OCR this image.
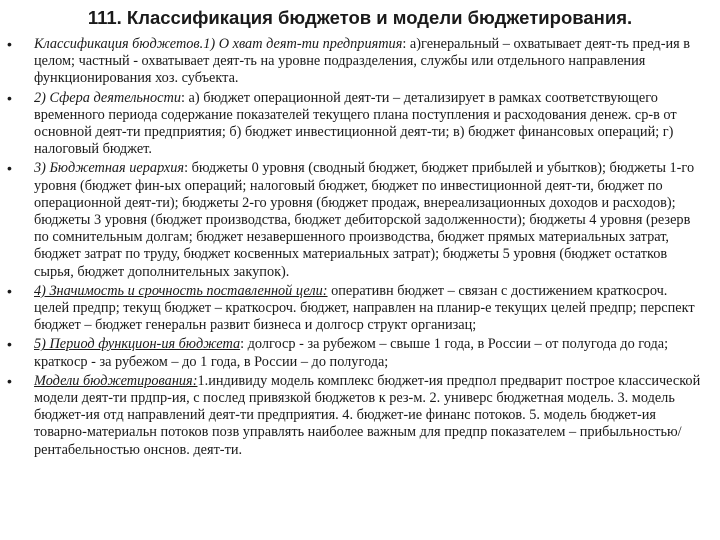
111. Классификация бюджетов и модели бюджетирования.
•	Классификация бюджетов.1) О хват деят-ти предприятия: а)генеральный – охватывает деят-ть пред-ия в целом; частный - охватывает деят-ть на уровне подразделения, службы или отдельного направления функционирования хоз. субъекта.
•	2) Сфера деятельности: а) бюджет операционной деят-ти – детализирует в рамках соответствующего временного периода содержание показателей текущего плана поступления и расходования денеж. ср-в от основной деят-ти предприятия; б) бюджет инвестиционной деят-ти; в) бюджет финансовых операций; г) налоговый бюджет.
•	3) Бюджетная иерархия: бюджеты 0 уровня (сводный бюджет, бюджет прибылей и убытков); бюджеты 1-го уровня (бюджет фин-ых операций; налоговый бюджет, бюджет по инвестиционной деят-ти, бюджет по операционной деят-ти); бюджеты 2-го уровня (бюджет продаж, внереализационных доходов и расходов); бюджеты 3 уровня (бюджет производства, бюджет дебиторской задолженности); бюджеты 4 уровня (резерв по сомнительным долгам; бюджет незавершенного производства, бюджет прямых материальных затрат, бюджет затрат по труду, бюджет косвенных материальных затрат); бюджеты 5 уровня (бюджет остатков сырья, бюджет дополнительных закупок).
•	4) Значимость и срочность поставленной цели: оперативн бюджет – связан с достижением краткосроч. целей предпр; текущ бюджет – краткосроч. бюджет, направлен на планир-е текущих целей предпр; перспект бюджет – бюджет генеральн развит бизнеса и долгоср структ организац;
•	5) Период функцион-ия бюджета: долгоср - за рубежом – свыше 1 года, в России – от полугода до года; краткоср - за рубежом – до 1 года, в России – до полугода;
•	Модели бюджетирования:1.индивиду модель комплекс бюджет-ия предпол предварит построе классической модели деят-ти прдпр-ия, с послед привязкой бюджетов к рез-м. 2. универс бюджетная модель. 3. модель бюджет-ия отд направлений деят-ти предприятия. 4. бюджет-ие финанс потоков. 5. модель бюджет-ия товарно-материальн потоков позв управлять наиболее важным для предпр показателем – прибыльностью/рентабельностью онснов. деят-ти.
